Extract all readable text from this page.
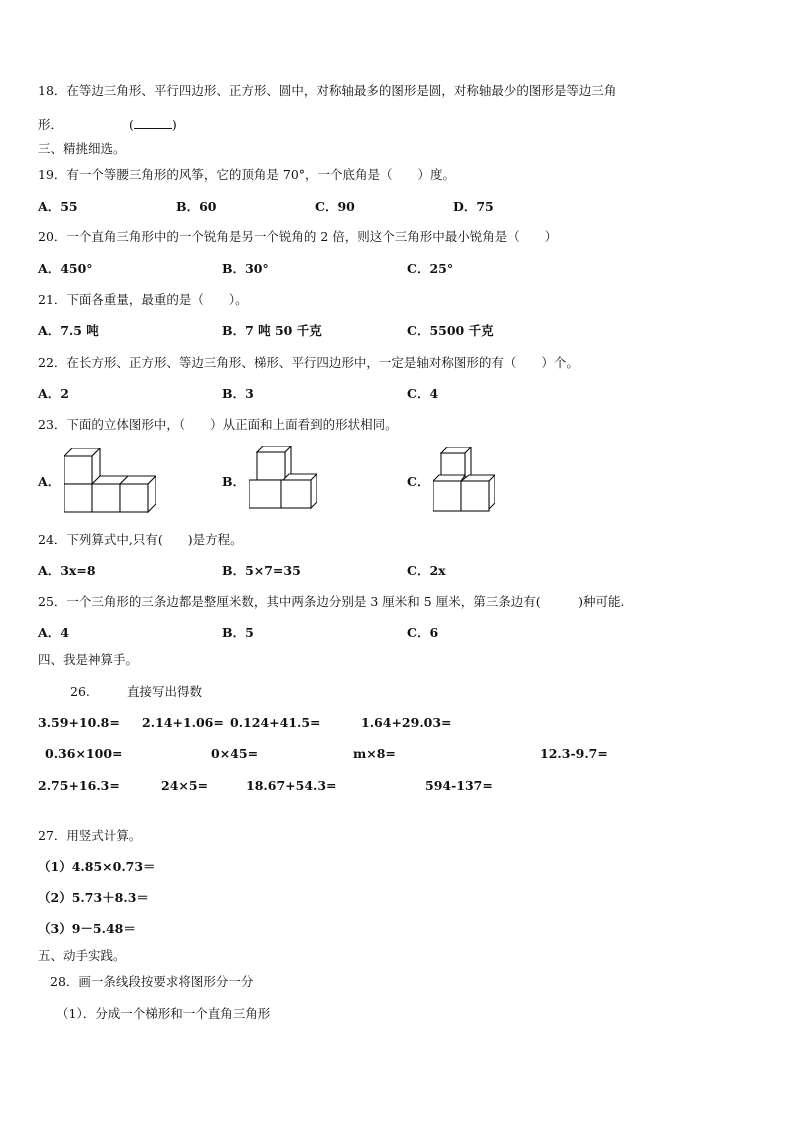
18．在等边三角形、平行四边形、正方形、圆中，对称轴最多的图形是圆，对称轴最少的图形是等边三角
形．	(	)
三、精挑细选。
19．有一个等腰三角形的风筝，它的顶角是 70°，一个底角是（　　）度。
A．55	B．60	C．90	D．75
20．一个直角三角形中的一个锐角是另一个锐角的 2 倍，则这个三角形中最小锐角是（　　）
A．450°	B．30°	C．25°
21．下面各重量，最重的是（　　）。
A．7.5 吨	B．7 吨 50 千克	C．5500 千克
22．在长方形、正方形、等边三角形、梯形、平行四边形中，一定是轴对称图形的有（　　）个。
A．2	B．3	C．4
23．下面的立体图形中，（　　）从正面和上面看到的形状相同。
A．	B．	C．
24．下列算式中,只有(　　)是方程。
A．3x=8	B．5×7=35	C．2x
25．一个三角形的三条边都是整厘米数，其中两条边分别是 3 厘米和 5 厘米，第三条边有(　　　)种可能.
A．4	B．5	C．6
四、我是神算手。
26.	直接写出得数
3.59+10.8= 2.14+1.06= 0.124+41.5=	1.64+29.03=
0.36×100=	0×45=	m×8=	12.3-9.7=
2.75+16.3=	24×5=	18.67+54.3=	594-137=
27．用竖式计算。
（1）4.85×0.73＝
（2）5.73＋8.3＝
（3）9－5.48＝
五、动手实践。
28．画一条线段按要求将图形分一分
（1）．分成一个梯形和一个直角三角形
